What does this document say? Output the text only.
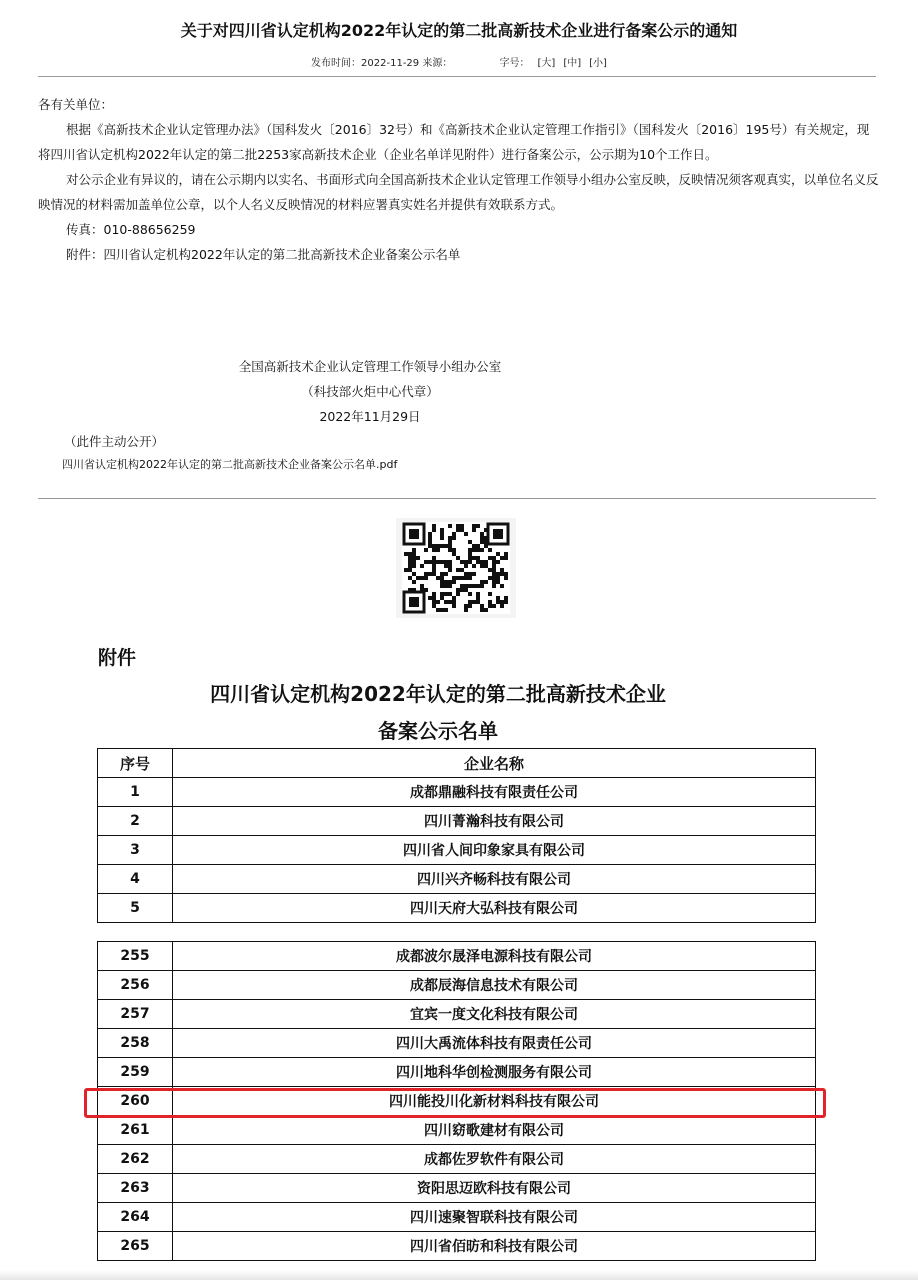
关于对四川省认定机构2022年认定的第二批高新技术企业进行备案公示的通知
发布时间：2022-11-29 来源：	字号： [大] [中] [小]
各有关单位：
根据《高新技术企业认定管理办法》（国科发火〔2016〕32号）和《高新技术企业认定管理工作指引》（国科发火〔2016〕195号）有关规定，现将四川省认定机构2022年认定的第二批2253家高新技术企业（企业名单详见附件）进行备案公示，公示期为10个工作日。
对公示企业有异议的，请在公示期内以实名、书面形式向全国高新技术企业认定管理工作领导小组办公室反映，反映情况须客观真实，以单位名义反映情况的材料需加盖单位公章，以个人名义反映情况的材料应署真实姓名并提供有效联系方式。
传真：010-88656259
附件：四川省认定机构2022年认定的第二批高新技术企业备案公示名单
全国高新技术企业认定管理工作领导小组办公室
（科技部火炬中心代章）
2022年11月29日
（此件主动公开）
四川省认定机构2022年认定的第二批高新技术企业备案公示名单.pdf
附件
四川省认定机构2022年认定的第二批高新技术企业
备案公示名单
序号	企业名称
1	成都鼎融科技有限责任公司
2	四川菁瀚科技有限公司
3	四川省人间印象家具有限公司
4	四川兴齐畅科技有限公司
5	四川天府大弘科技有限公司
255	成都波尔晟泽电源科技有限公司
256	成都辰海信息技术有限公司
257	宜宾一度文化科技有限公司
258	四川大禹流体科技有限责任公司
259	四川地科华创检测服务有限公司
260	四川能投川化新材料科技有限公司
261	四川窈歌建材有限公司
262	成都佐罗软件有限公司
263	资阳思迈欧科技有限公司
264	四川速聚智联科技有限公司
265	四川省佰昉和科技有限公司
